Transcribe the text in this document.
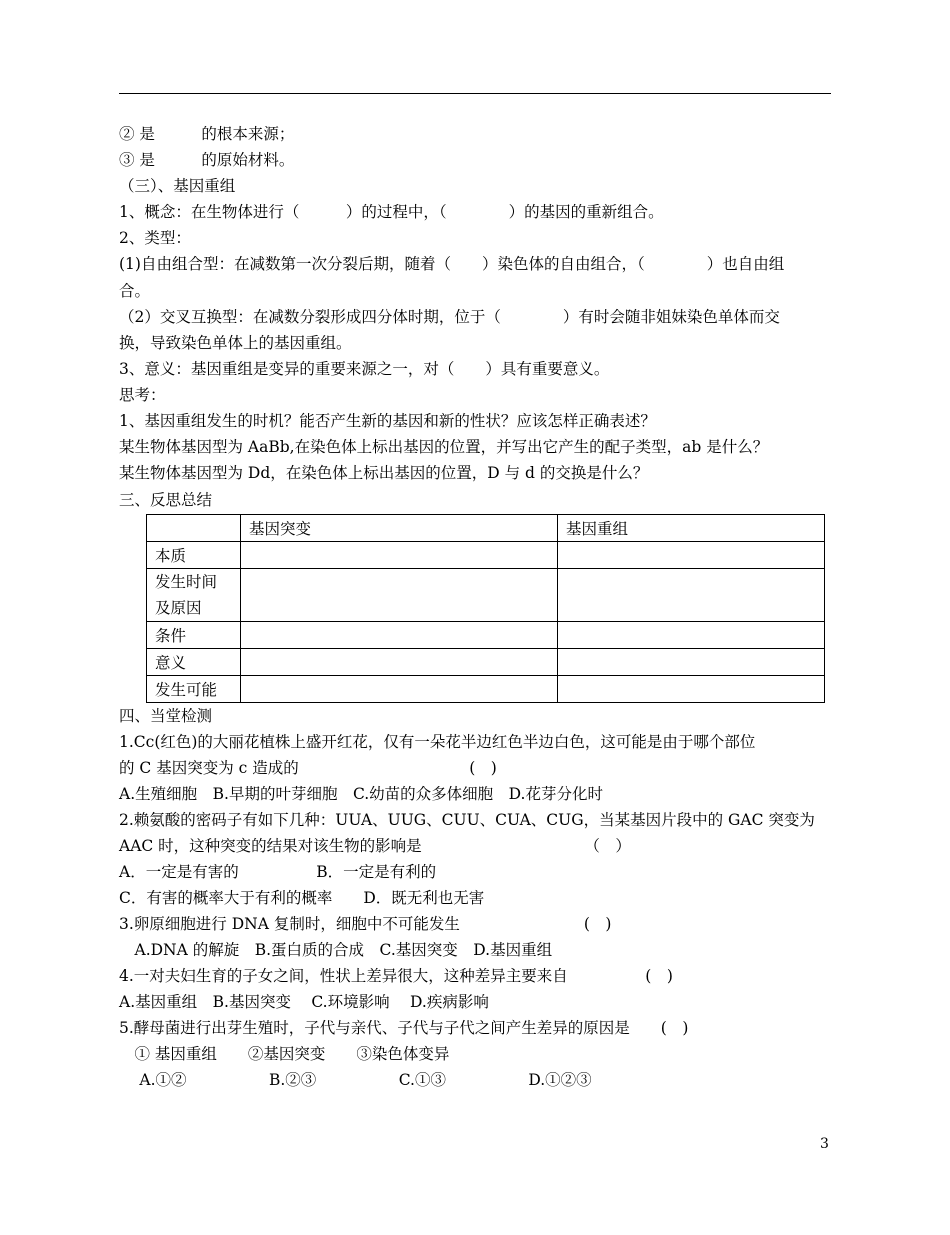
② 是　　　的根本来源；
③ 是　　　的原始材料。
（三）、基因重组
1、概念：在生物体进行（　　　）的过程中，（　　　　）的基因的重新组合。
2、类型：
(1)自由组合型：在减数第一次分裂后期，随着（　　）染色体的自由组合，（　　　　）也自由组
合。
（2）交叉互换型：在减数分裂形成四分体时期，位于（　　　　）有时会随非姐妹染色单体而交
换，导致染色单体上的基因重组。
3、意义：基因重组是变异的重要来源之一，对（　　）具有重要意义。
思考：
1、基因重组发生的时机？能否产生新的基因和新的性状？应该怎样正确表述？
某生物体基因型为 AaBb,在染色体上标出基因的位置，并写出它产生的配子类型，ab 是什么？
某生物体基因型为 Dd，在染色体上标出基因的位置，D 与 d 的交换是什么？
三、反思总结
	基因突变	基因重组
本质		
发生时间及原因		
条件		
意义		
发生可能		
四、当堂检测
1.Cc(红色)的大丽花植株上盛开红花，仅有一朵花半边红色半边白色，这可能是由于哪个部位
的 C 基因突变为 c 造成的　　　　　　　　　　　(　)
A.生殖细胞　B.早期的叶芽细胞　C.幼苗的众多体细胞　D.花芽分化时
2.赖氨酸的密码子有如下几种：UUA、UUG、CUU、CUA、CUG，当某基因片段中的 GAC 突变为
AAC 时，这种突变的结果对该生物的影响是　　　　　　　　　　　（　）
A．一定是有害的　　　　　B．一定是有利的
C．有害的概率大于有利的概率　　D．既无利也无害
3.卵原细胞进行 DNA 复制时，细胞中不可能发生　　　　　　　　(　)
　A.DNA 的解旋　B.蛋白质的合成　C.基因突变　D.基因重组
4.一对夫妇生育的子女之间，性状上差异很大，这种差异主要来自　　　　　(　)
A.基因重组　B.基因突变　 C.环境影响　 D.疾病影响
5.酵母菌进行出芽生殖时，子代与亲代、子代与子代之间产生差异的原因是　　(　)
　① 基因重组　　②基因突变　　③染色体变异
　 A.①②　　　　　 B.②③　　　　　 C.①③　　　　　 D.①②③
3
